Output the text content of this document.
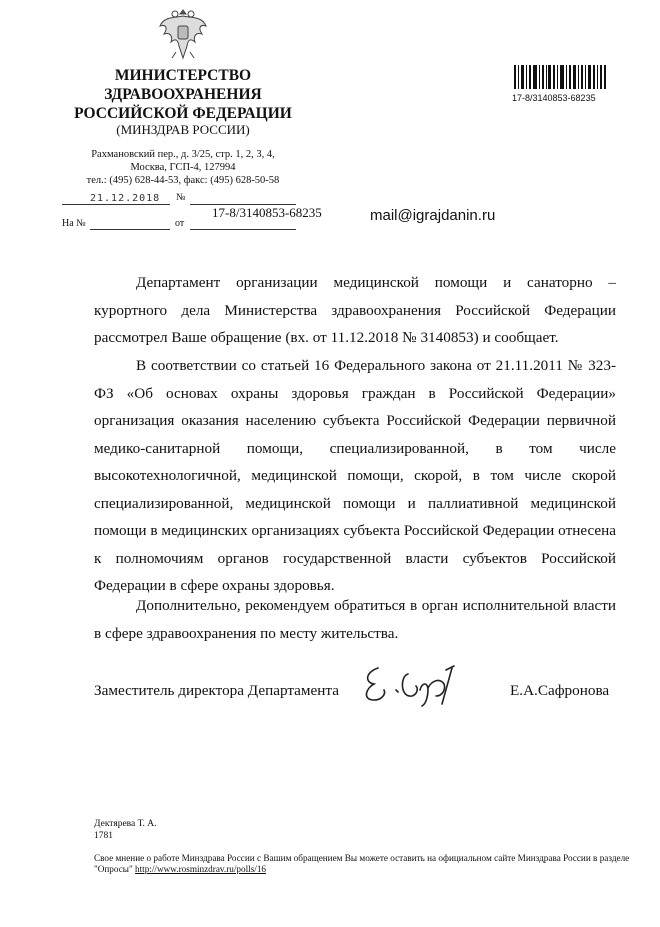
МИНИСТЕРСТВО
ЗДРАВООХРАНЕНИЯ
РОССИЙСКОЙ ФЕДЕРАЦИИ
(МИНЗДРАВ РОССИИ)
Рахмановский пер., д. 3/25, стр. 1, 2, 3, 4,
Москва, ГСП-4, 127994
тел.: (495) 628-44-53, факс: (495) 628-50-58
21.12.2018 №
17-8/3140853-68235
На №	от
17-8/3140853-68235
mail@igrajdanin.ru

Департамент организации медицинской помощи и санаторно – курортного дела Министерства здравоохранения Российской Федерации рассмотрел Ваше обращение (вх. от 11.12.2018 № 3140853) и сообщает.

В соответствии со статьей 16 Федерального закона от 21.11.2011 № 323-ФЗ «Об основах охраны здоровья граждан в Российской Федерации» организация оказания населению субъекта Российской Федерации первичной медико-санитарной помощи, специализированной, в том числе высокотехнологичной, медицинской помощи, скорой, в том числе скорой специализированной, медицинской помощи и паллиативной медицинской помощи в медицинских организациях субъекта Российской Федерации отнесена к полномочиям органов государственной власти субъектов Российской Федерации в сфере охраны здоровья.

Дополнительно, рекомендуем обратиться в орган исполнительной власти в сфере здравоохранения по месту жительства.

Заместитель директора Департамента	Е.А.Сафронова
Дектярева Т. А.
1781
Свое мнение о работе Минздрава России с Вашим обращением Вы можете оставить на официальном сайте Минздрава России в разделе "Опросы" http://www.rosminzdrav.ru/polls/16
